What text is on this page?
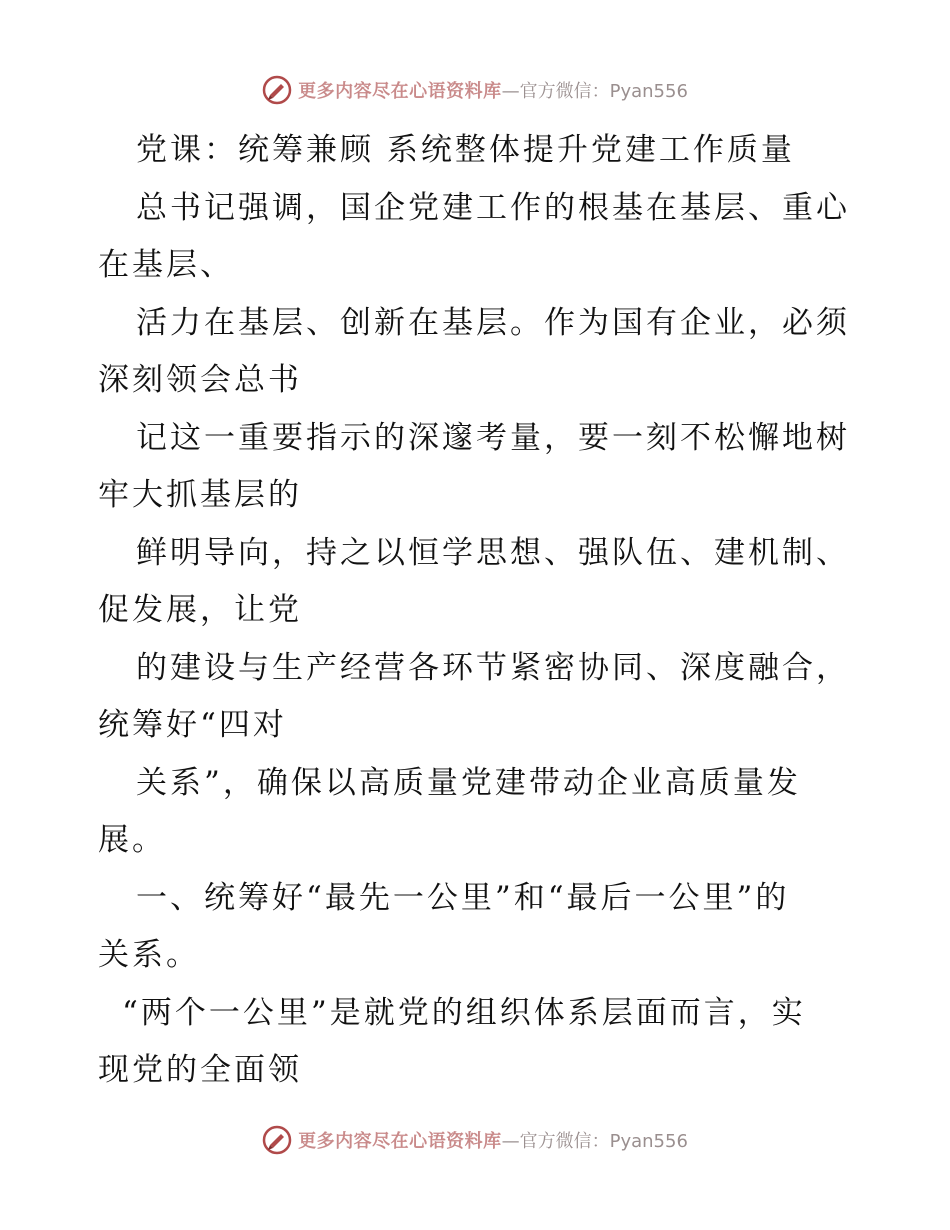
更多内容尽在心语资料库 —官方微信：Pyan556
党课：统筹兼顾 系统整体提升党建工作质量
总书记强调，国企党建工作的根基在基层、重心
在基层、
活力在基层、创新在基层。作为国有企业，必须
深刻领会总书
记这一重要指示的深邃考量，要一刻不松懈地树
牢大抓基层的
鲜明导向，持之以恒学思想、强队伍、建机制、
促发展，让党
的建设与生产经营各环节紧密协同、深度融合，
统筹好“四对
关系”，确保以高质量党建带动企业高质量发
展。
一、统筹好“最先一公里”和“最后一公里”的
关系。
“两个一公里”是就党的组织体系层面而言，实
现党的全面领
更多内容尽在心语资料库 —官方微信：Pyan556
